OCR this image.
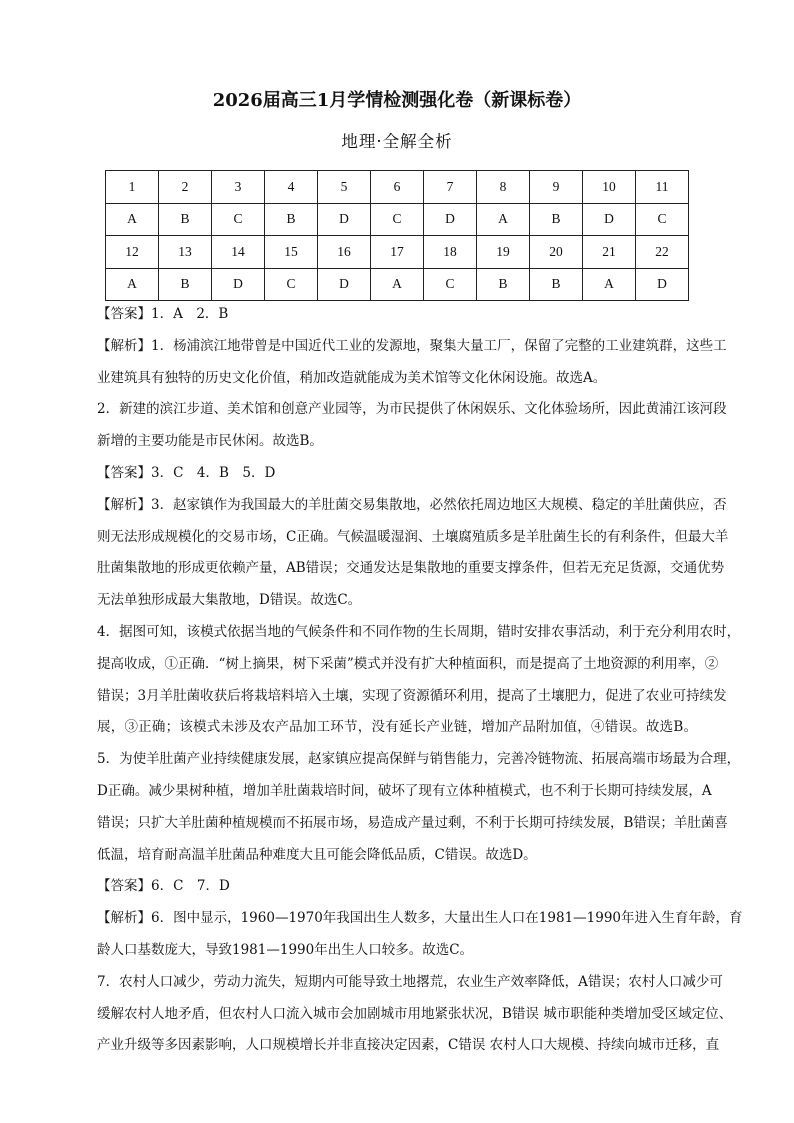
2026届高三1月学情检测强化卷（新课标卷）
地理·全解全析
1	2	3	4	5	6	7	8	9	10	11
A	B	C	B	D	C	D	A	B	D	C
12	13	14	15	16	17	18	19	20	21	22
A	B	D	C	D	A	C	B	B	A	D
【答案】1．A　2．B
【解析】1．杨浦滨江地带曾是中国近代工业的发源地，聚集大量工厂，保留了完整的工业建筑群，这些工
业建筑具有独特的历史文化价值，稍加改造就能成为美术馆等文化休闲设施。故选A。
2．新建的滨江步道、美术馆和创意产业园等，为市民提供了休闲娱乐、文化体验场所，因此黄浦江该河段
新增的主要功能是市民休闲。故选B。
【答案】3．C　4．B　5．D
【解析】3．赵家镇作为我国最大的羊肚菌交易集散地，必然依托周边地区大规模、稳定的羊肚菌供应，否
则无法形成规模化的交易市场，C正确。气候温暖湿润、土壤腐殖质多是羊肚菌生长的有利条件，但最大羊
肚菌集散地的形成更依赖产量，AB错误；交通发达是集散地的重要支撑条件，但若无充足货源，交通优势
无法单独形成最大集散地，D错误。故选C。
4．据图可知，该模式依据当地的气候条件和不同作物的生长周期，错时安排农事活动，利于充分利用农时，
提高收成，①正确．“树上摘果，树下采菌”模式并没有扩大种植面积，而是提高了土地资源的利用率，②
错误；3月羊肚菌收获后将栽培料培入土壤，实现了资源循环利用，提高了土壤肥力，促进了农业可持续发
展，③正确；该模式未涉及农产品加工环节，没有延长产业链，增加产品附加值，④错误。故选B。
5．为使羊肚菌产业持续健康发展，赵家镇应提高保鲜与销售能力，完善冷链物流、拓展高端市场最为合理，
D正确。减少果树种植，增加羊肚菌栽培时间，破坏了现有立体种植模式，也不利于长期可持续发展，A
错误；只扩大羊肚菌种植规模而不拓展市场，易造成产量过剩，不利于长期可持续发展，B错误；羊肚菌喜
低温，培育耐高温羊肚菌品种难度大且可能会降低品质，C错误。故选D。
【答案】6．C　7．D
【解析】6．图中显示，1960—1970年我国出生人数多，大量出生人口在1981—1990年进入生育年龄，育
龄人口基数庞大，导致1981—1990年出生人口较多。故选C。
7．农村人口减少，劳动力流失，短期内可能导致土地撂荒，农业生产效率降低，A错误；农村人口减少可
缓解农村人地矛盾，但农村人口流入城市会加剧城市用地紧张状况，B错误 城市职能种类增加受区域定位、
产业升级等多因素影响，人口规模增长并非直接决定因素，C错误 农村人口大规模、持续向城市迁移，直
